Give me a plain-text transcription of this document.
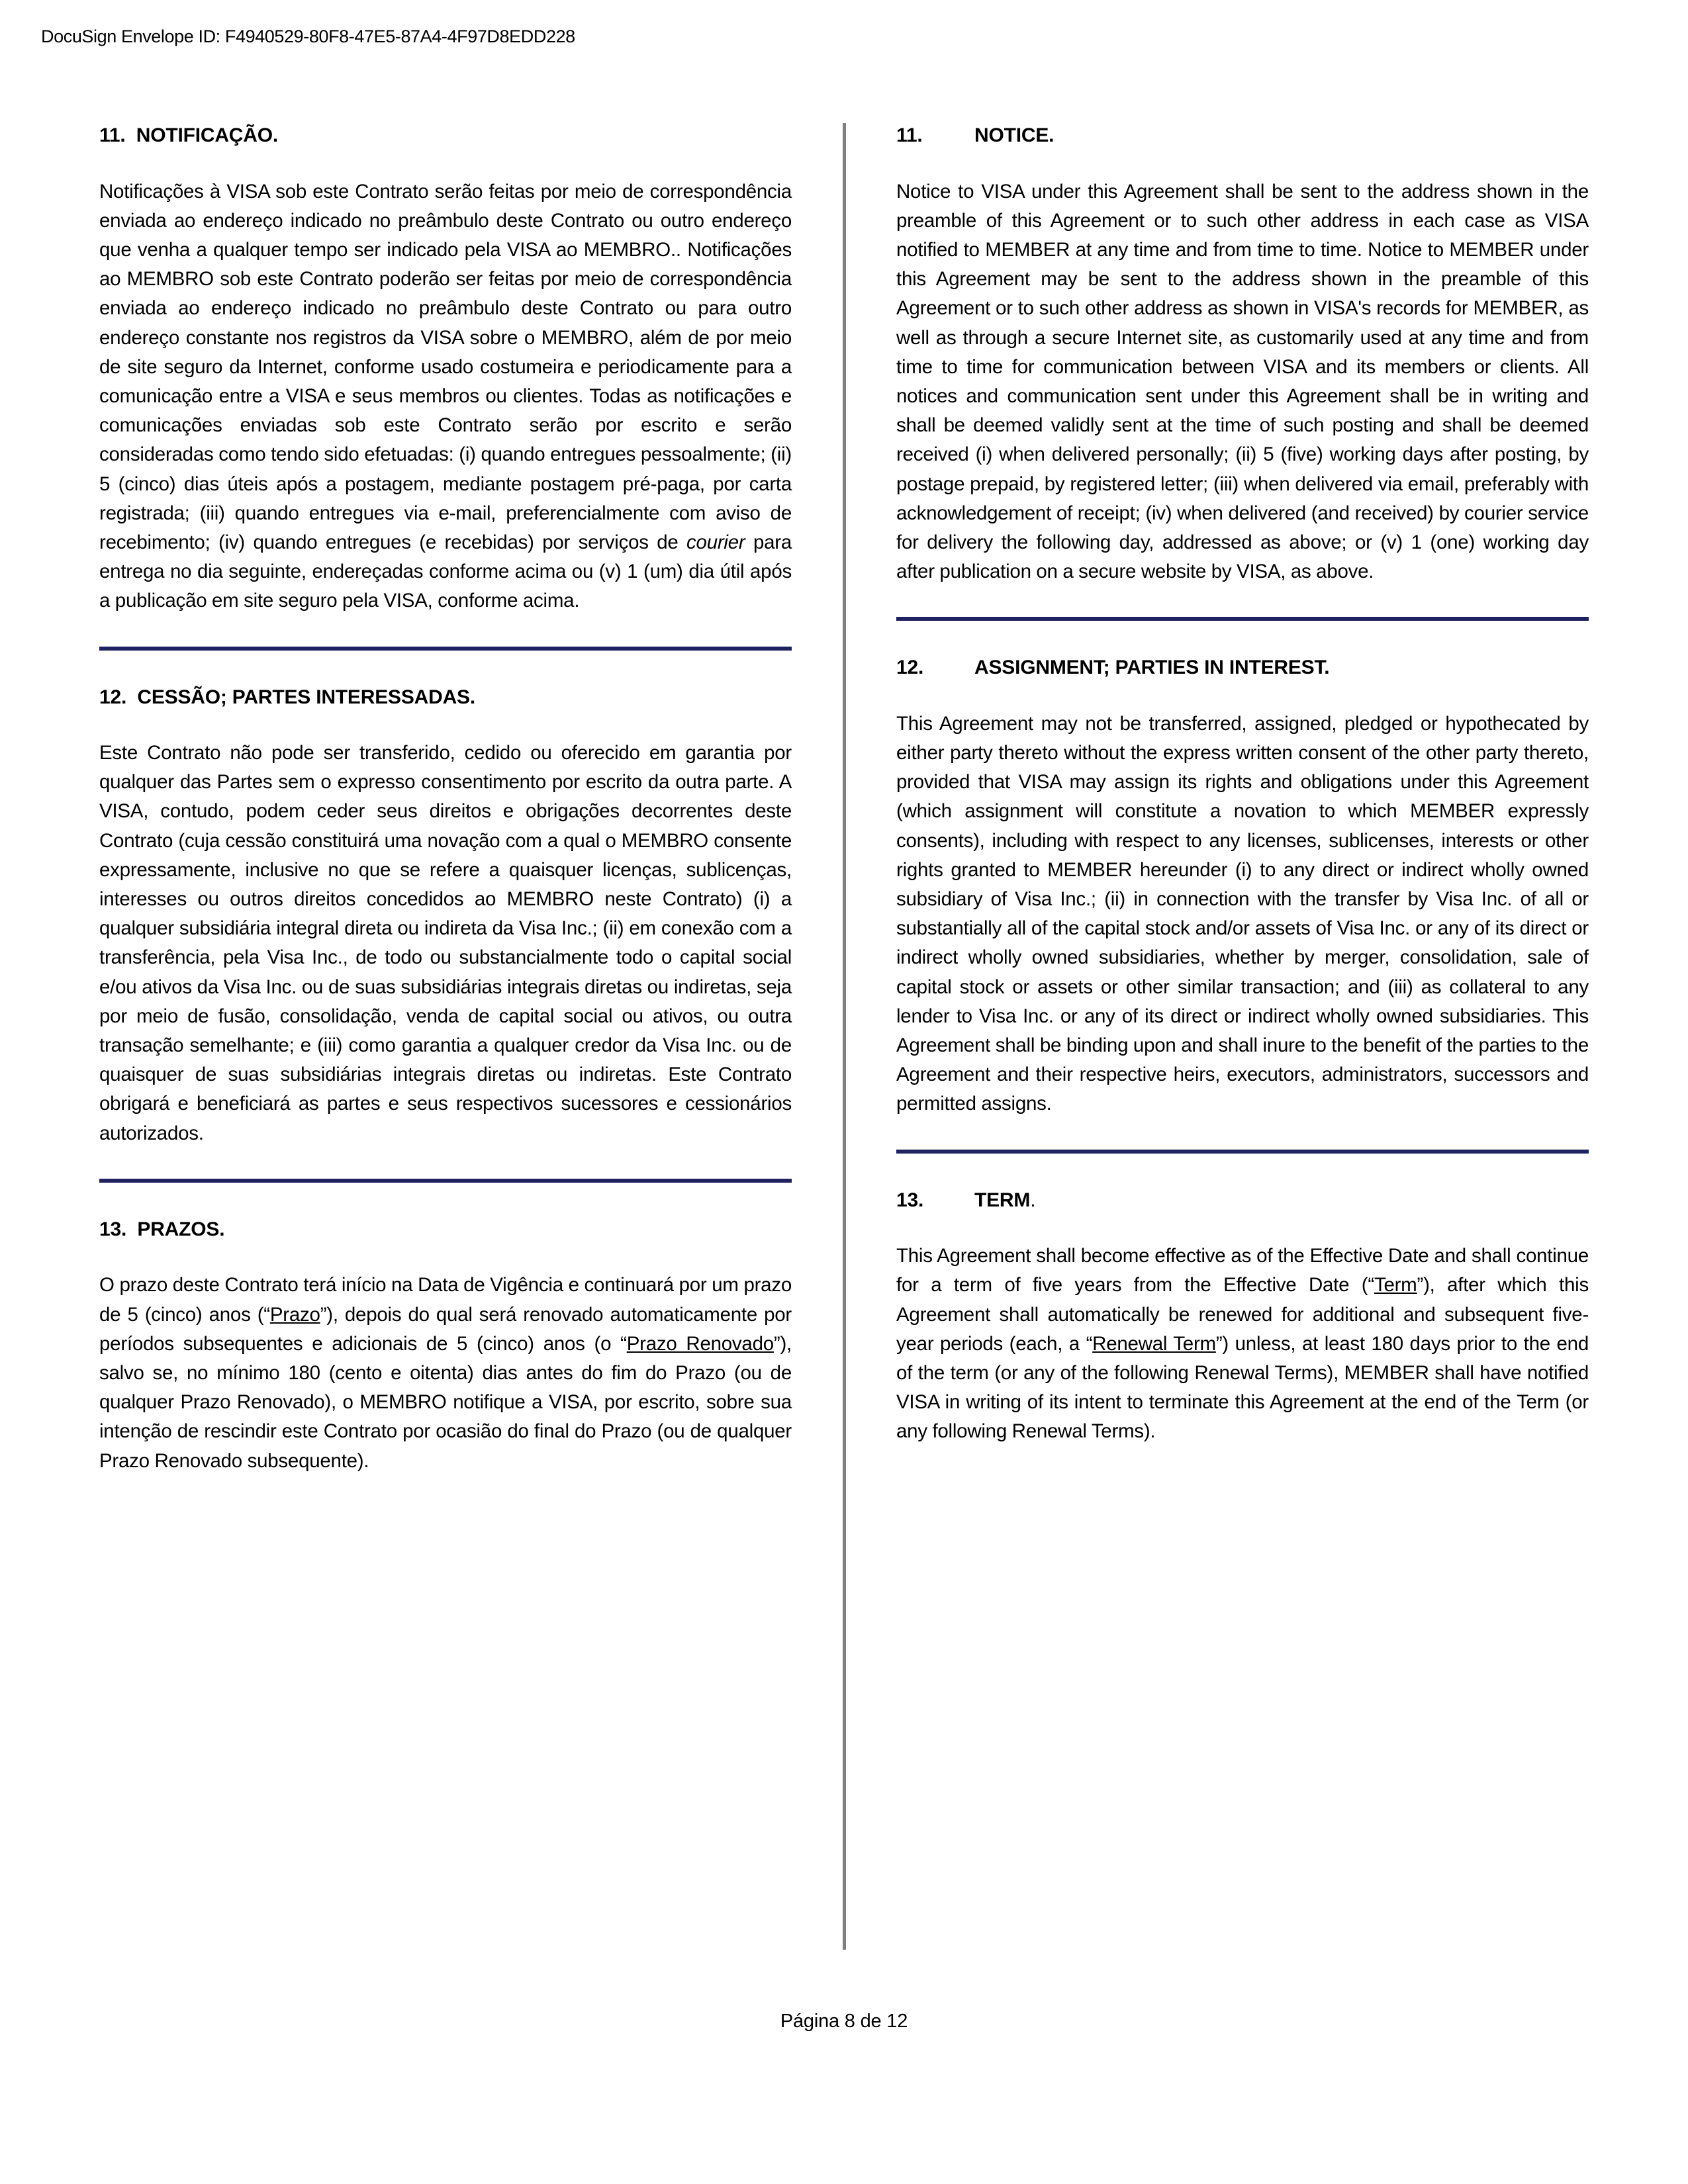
DocuSign Envelope ID: F4940529-80F8-47E5-87A4-4F97D8EDD228
11. NOTIFICAÇÃO.

Notificações à VISA sob este Contrato serão feitas por meio de correspondência enviada ao endereço indicado no preâmbulo deste Contrato ou outro endereço que venha a qualquer tempo ser indicado pela VISA ao MEMBRO.. Notificações ao MEMBRO sob este Contrato poderão ser feitas por meio de correspondência enviada ao endereço indicado no preâmbulo deste Contrato ou para outro endereço constante nos registros da VISA sobre o MEMBRO, além de por meio de site seguro da Internet, conforme usado costumeira e periodicamente para a comunicação entre a VISA e seus membros ou clientes. Todas as notificações e comunicações enviadas sob este Contrato serão por escrito e serão consideradas como tendo sido efetuadas: (i) quando entregues pessoalmente; (ii) 5 (cinco) dias úteis após a postagem, mediante postagem pré-paga, por carta registrada; (iii) quando entregues via e-mail, preferencialmente com aviso de recebimento; (iv) quando entregues (e recebidas) por serviços de courier para entrega no dia seguinte, endereçadas conforme acima ou (v) 1 (um) dia útil após a publicação em site seguro pela VISA, conforme acima.

12. CESSÃO; PARTES INTERESSADAS.

Este Contrato não pode ser transferido, cedido ou oferecido em garantia por qualquer das Partes sem o expresso consentimento por escrito da outra parte. A VISA, contudo, podem ceder seus direitos e obrigações decorrentes deste Contrato (cuja cessão constituirá uma novação com a qual o MEMBRO consente expressamente, inclusive no que se refere a quaisquer licenças, sublicenças, interesses ou outros direitos concedidos ao MEMBRO neste Contrato) (i) a qualquer subsidiária integral direta ou indireta da Visa Inc.; (ii) em conexão com a transferência, pela Visa Inc., de todo ou substancialmente todo o capital social e/ou ativos da Visa Inc. ou de suas subsidiárias integrais diretas ou indiretas, seja por meio de fusão, consolidação, venda de capital social ou ativos, ou outra transação semelhante; e (iii) como garantia a qualquer credor da Visa Inc. ou de quaisquer de suas subsidiárias integrais diretas ou indiretas. Este Contrato obrigará e beneficiará as partes e seus respectivos sucessores e cessionários autorizados.

13. PRAZOS.

O prazo deste Contrato terá início na Data de Vigência e continuará por um prazo de 5 (cinco) anos (“Prazo”), depois do qual será renovado automaticamente por períodos subsequentes e adicionais de 5 (cinco) anos (o “Prazo Renovado”), salvo se, no mínimo 180 (cento e oitenta) dias antes do fim do Prazo (ou de qualquer Prazo Renovado), o MEMBRO notifique a VISA, por escrito, sobre sua intenção de rescindir este Contrato por ocasião do final do Prazo (ou de qualquer Prazo Renovado subsequente).

11.	NOTICE.

Notice to VISA under this Agreement shall be sent to the address shown in the preamble of this Agreement or to such other address in each case as VISA notified to MEMBER at any time and from time to time. Notice to MEMBER under this Agreement may be sent to the address shown in the preamble of this Agreement or to such other address as shown in VISA's records for MEMBER, as well as through a secure Internet site, as customarily used at any time and from time to time for communication between VISA and its members or clients. All notices and communication sent under this Agreement shall be in writing and shall be deemed validly sent at the time of such posting and shall be deemed received (i) when delivered personally; (ii) 5 (five) working days after posting, by postage prepaid, by registered letter; (iii) when delivered via email, preferably with acknowledgement of receipt; (iv) when delivered (and received) by courier service for delivery the following day, addressed as above; or (v) 1 (one) working day after publication on a secure website by VISA, as above.

12.	ASSIGNMENT; PARTIES IN INTEREST.

This Agreement may not be transferred, assigned, pledged or hypothecated by either party thereto without the express written consent of the other party thereto, provided that VISA may assign its rights and obligations under this Agreement (which assignment will constitute a novation to which MEMBER expressly consents), including with respect to any licenses, sublicenses, interests or other rights granted to MEMBER hereunder (i) to any direct or indirect wholly owned subsidiary of Visa Inc.; (ii) in connection with the transfer by Visa Inc. of all or substantially all of the capital stock and/or assets of Visa Inc. or any of its direct or indirect wholly owned subsidiaries, whether by merger, consolidation, sale of capital stock or assets or other similar transaction; and (iii) as collateral to any lender to Visa Inc. or any of its direct or indirect wholly owned subsidiaries. This Agreement shall be binding upon and shall inure to the benefit of the parties to the Agreement and their respective heirs, executors, administrators, successors and permitted assigns.

13.	TERM.

This Agreement shall become effective as of the Effective Date and shall continue for a term of five years from the Effective Date (“Term”), after which this Agreement shall automatically be renewed for additional and subsequent five-year periods (each, a “Renewal Term”) unless, at least 180 days prior to the end of the term (or any of the following Renewal Terms), MEMBER shall have notified VISA in writing of its intent to terminate this Agreement at the end of the Term (or any following Renewal Terms).

Página 8 de 12
